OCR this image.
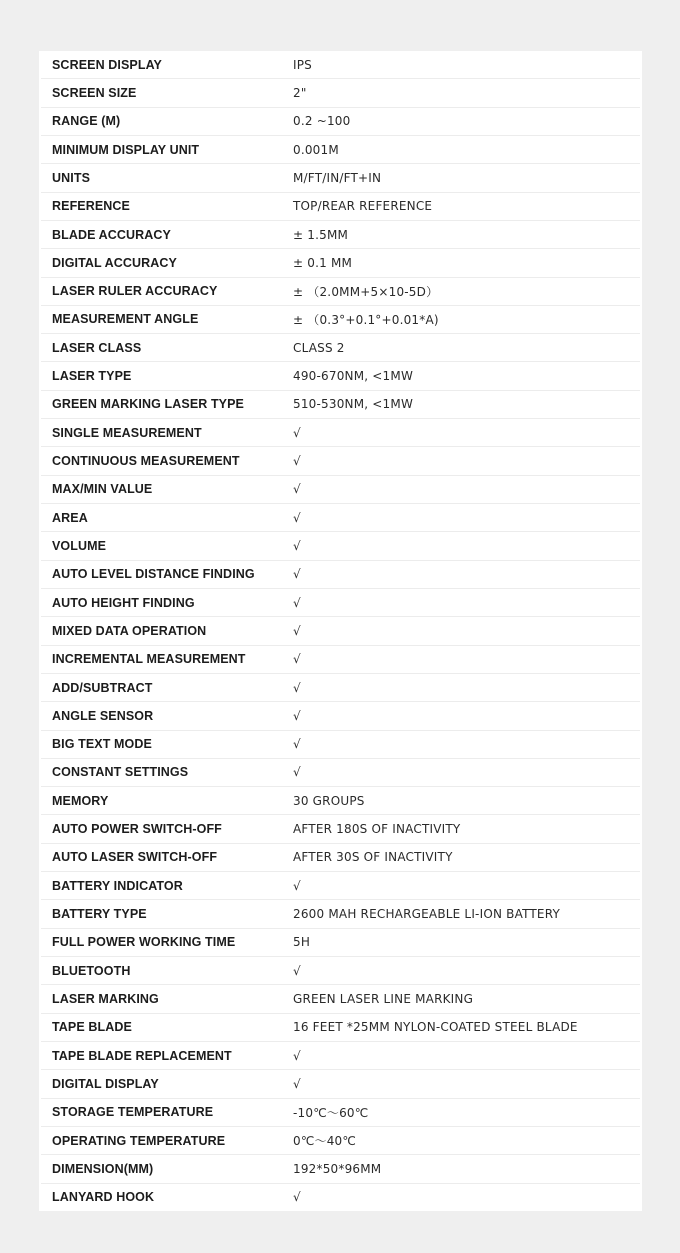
SCREEN DISPLAY	IPS
SCREEN SIZE	2"
RANGE (M)	0.2 ~100
MINIMUM DISPLAY UNIT	0.001M
UNITS	M/FT/IN/FT+IN
REFERENCE	TOP/REAR REFERENCE
BLADE ACCURACY	± 1.5MM
DIGITAL ACCURACY	± 0.1 MM
LASER RULER ACCURACY	± （2.0MM+5×10-5D）
MEASUREMENT ANGLE	± （0.3°+0.1°+0.01*A)
LASER CLASS	CLASS 2
LASER TYPE	490-670NM, <1MW
GREEN MARKING LASER TYPE	510-530NM, <1MW
SINGLE MEASUREMENT	√
CONTINUOUS MEASUREMENT	√
MAX/MIN VALUE	√
AREA	√
VOLUME	√
AUTO LEVEL DISTANCE FINDING	√
AUTO HEIGHT FINDING	√
MIXED DATA OPERATION	√
INCREMENTAL MEASUREMENT	√
ADD/SUBTRACT	√
ANGLE SENSOR	√
BIG TEXT MODE	√
CONSTANT SETTINGS	√
MEMORY	30 GROUPS
AUTO POWER SWITCH-OFF	AFTER 180S OF INACTIVITY
AUTO LASER SWITCH-OFF	AFTER 30S OF INACTIVITY
BATTERY INDICATOR	√
BATTERY TYPE	2600 MAH RECHARGEABLE LI-ION BATTERY
FULL POWER WORKING TIME	5H
BLUETOOTH	√
LASER MARKING	GREEN LASER LINE MARKING
TAPE BLADE	16 FEET *25MM NYLON-COATED STEEL BLADE
TAPE BLADE REPLACEMENT	√
DIGITAL DISPLAY	√
STORAGE TEMPERATURE	-10℃～60℃
OPERATING TEMPERATURE	0℃～40℃
DIMENSION(MM)	192*50*96MM
LANYARD HOOK	√
